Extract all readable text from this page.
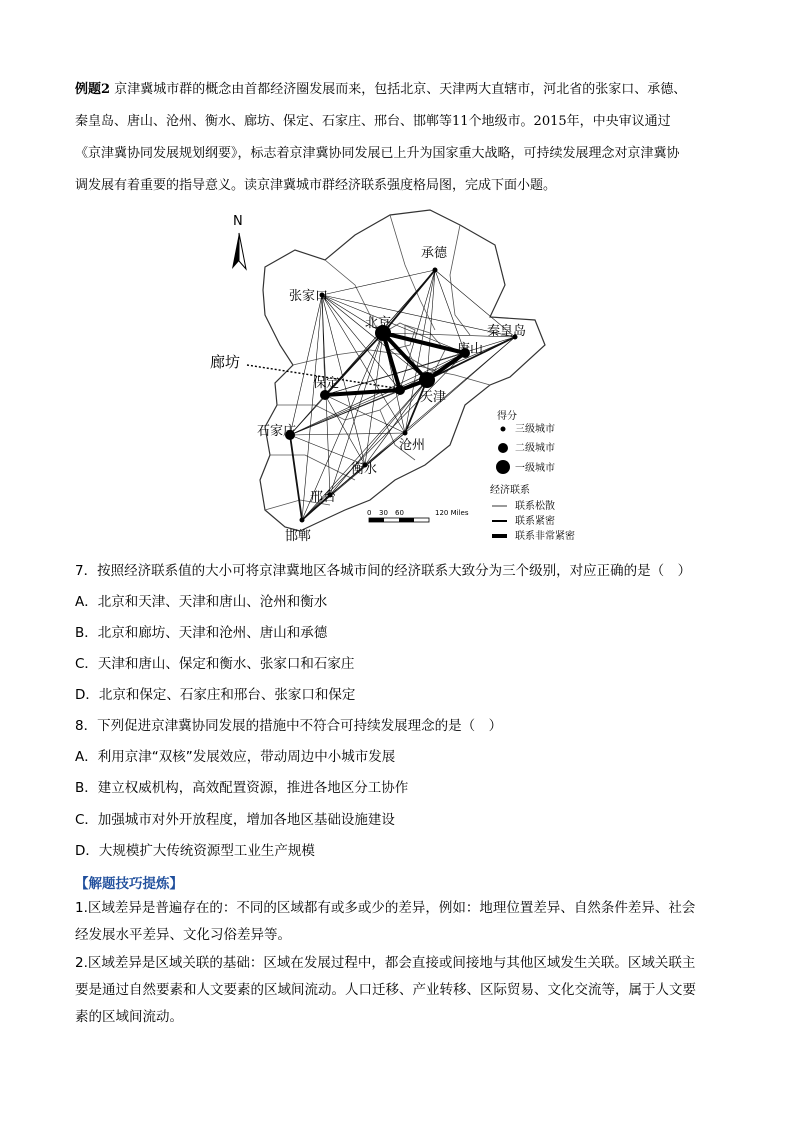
例题2 京津冀城市群的概念由首都经济圈发展而来，包括北京、天津两大直辖市，河北省的张家口、承德、
秦皇岛、唐山、沧州、衡水、廊坊、保定、石家庄、邢台、邯郸等11个地级市。2015年，中央审议通过
《京津冀协同发展规划纲要》，标志着京津冀协同发展已上升为国家重大战略，可持续发展理念对京津冀协
调发展有着重要的指导意义。读京津冀城市群经济联系强度格局图，完成下面小题。
N
承德
张家口
北京
秦皇岛
唐山
天津
保定
石家庄
衡水
沧州
邢台
邯郸
廊坊
得分
三级城市
二级城市
一级城市
经济联系
联系松散
联系紧密
联系非常紧密
0 30 60	120 Miles
7．按照经济联系值的大小可将京津冀地区各城市间的经济联系大致分为三个级别，对应正确的是（　）
A．北京和天津、天津和唐山、沧州和衡水
B．北京和廊坊、天津和沧州、唐山和承德
C．天津和唐山、保定和衡水、张家口和石家庄
D．北京和保定、石家庄和邢台、张家口和保定
8．下列促进京津冀协同发展的措施中不符合可持续发展理念的是（　）
A．利用京津“双核”发展效应，带动周边中小城市发展
B．建立权威机构，高效配置资源，推进各地区分工协作
C．加强城市对外开放程度，增加各地区基础设施建设
D．大规模扩大传统资源型工业生产规模
【解题技巧提炼】
1.区域差异是普遍存在的：不同的区域都有或多或少的差异，例如：地理位置差异、自然条件差异、社会
经发展水平差异、文化习俗差异等。
2.区域差异是区域关联的基础：区域在发展过程中，都会直接或间接地与其他区域发生关联。区域关联主
要是通过自然要素和人文要素的区域间流动。人口迁移、产业转移、区际贸易、文化交流等，属于人文要
素的区域间流动。
